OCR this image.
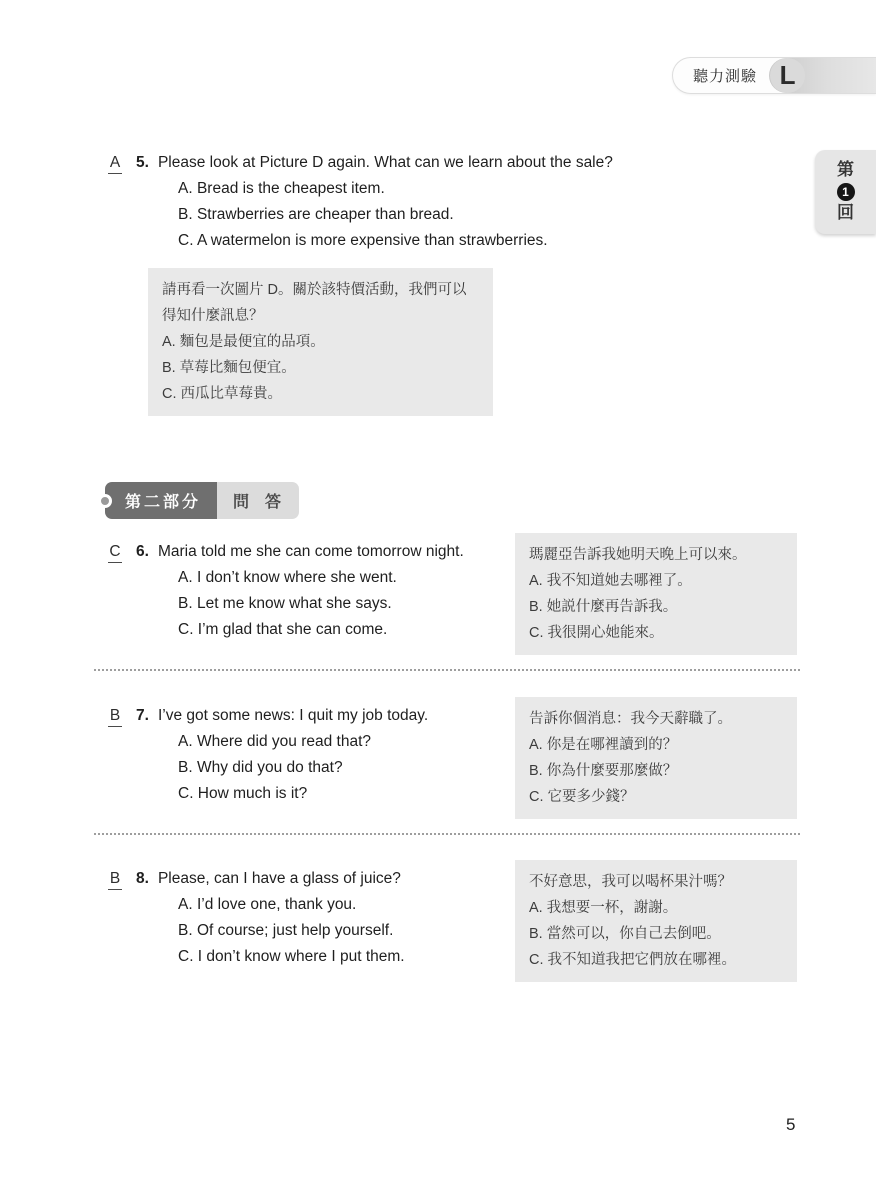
聽力測驗 L
第
1
回
A 5. Please look at Picture D again. What can we learn about the sale?
A. Bread is the cheapest item.
B. Strawberries are cheaper than bread.
C. A watermelon is more expensive than strawberries.
請再看一次圖片 D。關於該特價活動，我們可以得知什麼訊息？
A. 麵包是最便宜的品項。
B. 草莓比麵包便宜。
C. 西瓜比草莓貴。
第二部分	問　答
C 6. Maria told me she can come tomorrow night.
A. I don’t know where she went.
B. Let me know what she says.
C. I’m glad that she can come.
瑪麗亞告訴我她明天晚上可以來。
A. 我不知道她去哪裡了。
B. 她説什麼再告訴我。
C. 我很開心她能來。
B 7. I’ve got some news: I quit my job today.
A. Where did you read that?
B. Why did you do that?
C. How much is it?
告訴你個消息：我今天辭職了。
A. 你是在哪裡讀到的？
B. 你為什麼要那麼做？
C. 它要多少錢？
B 8. Please, can I have a glass of juice?
A. I’d love one, thank you.
B. Of course; just help yourself.
C. I don’t know where I put them.
不好意思，我可以喝杯果汁嗎？
A. 我想要一杯，謝謝。
B. 當然可以，你自己去倒吧。
C. 我不知道我把它們放在哪裡。
5
